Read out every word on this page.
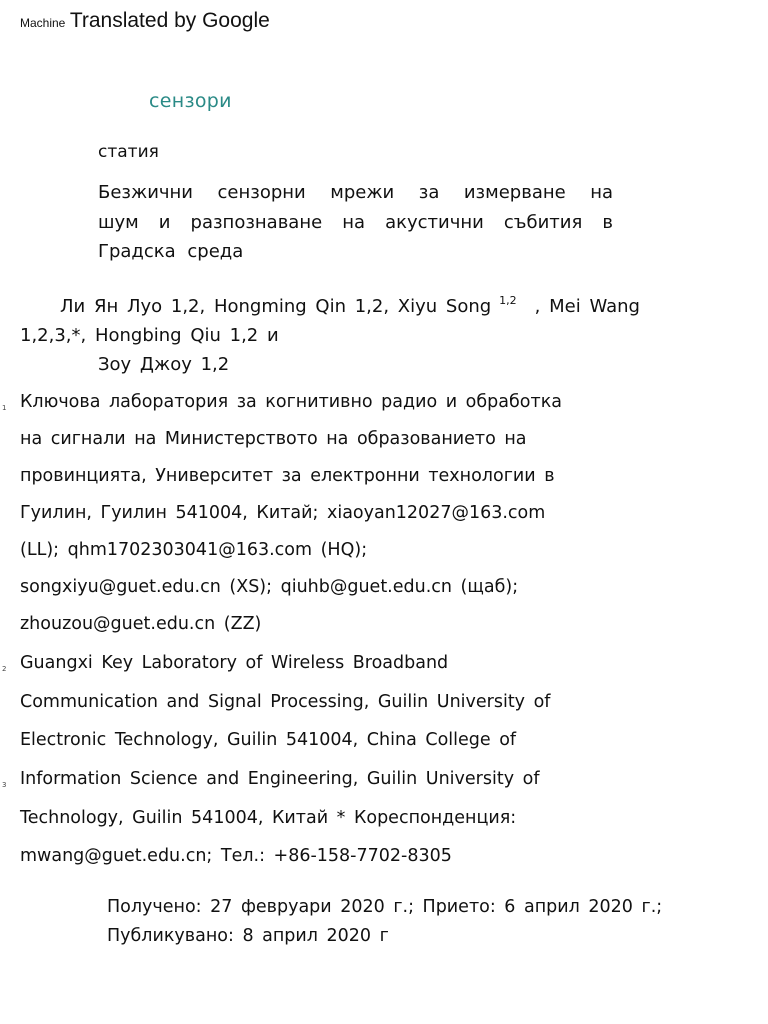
Machine Translated by Google
сензори
статия
Безжични сензорни мрежи за измерване на
шум и разпознаване на акустични събития в
Градска среда
Ли Ян Луо 1,2, Hongming Qin 1,2, Xiyu Song $^{1,2}$ , Mei Wang
1,2,3,*, Hongbing Qiu 1,2 и
Зоу Джоу 1,2
1 Ключова лаборатория за когнитивно радио и обработка
на сигнали на Министерството на образованието на
провинцията, Университет за електронни технологии в
Гуилин, Гуилин 541004, Китай; xiaoyan12027@163.com
(LL); qhm1702303041@163.com (HQ);
songxiyu@guet.edu.cn (XS); qiuhb@guet.edu.cn (щаб);
zhouzou@guet.edu.cn (ZZ)
2 Guangxi Key Laboratory of Wireless Broadband
Communication and Signal Processing, Guilin University of
Electronic Technology, Guilin 541004, China College of
3 Information Science and Engineering, Guilin University of
Technology, Guilin 541004, Китай * Кореспонденция:
mwang@guet.edu.cn; Тел.: +86-158-7702-8305
Получено: 27 февруари 2020 г.; Прието: 6 април 2020 г.;
Публикувано: 8 април 2020 г
